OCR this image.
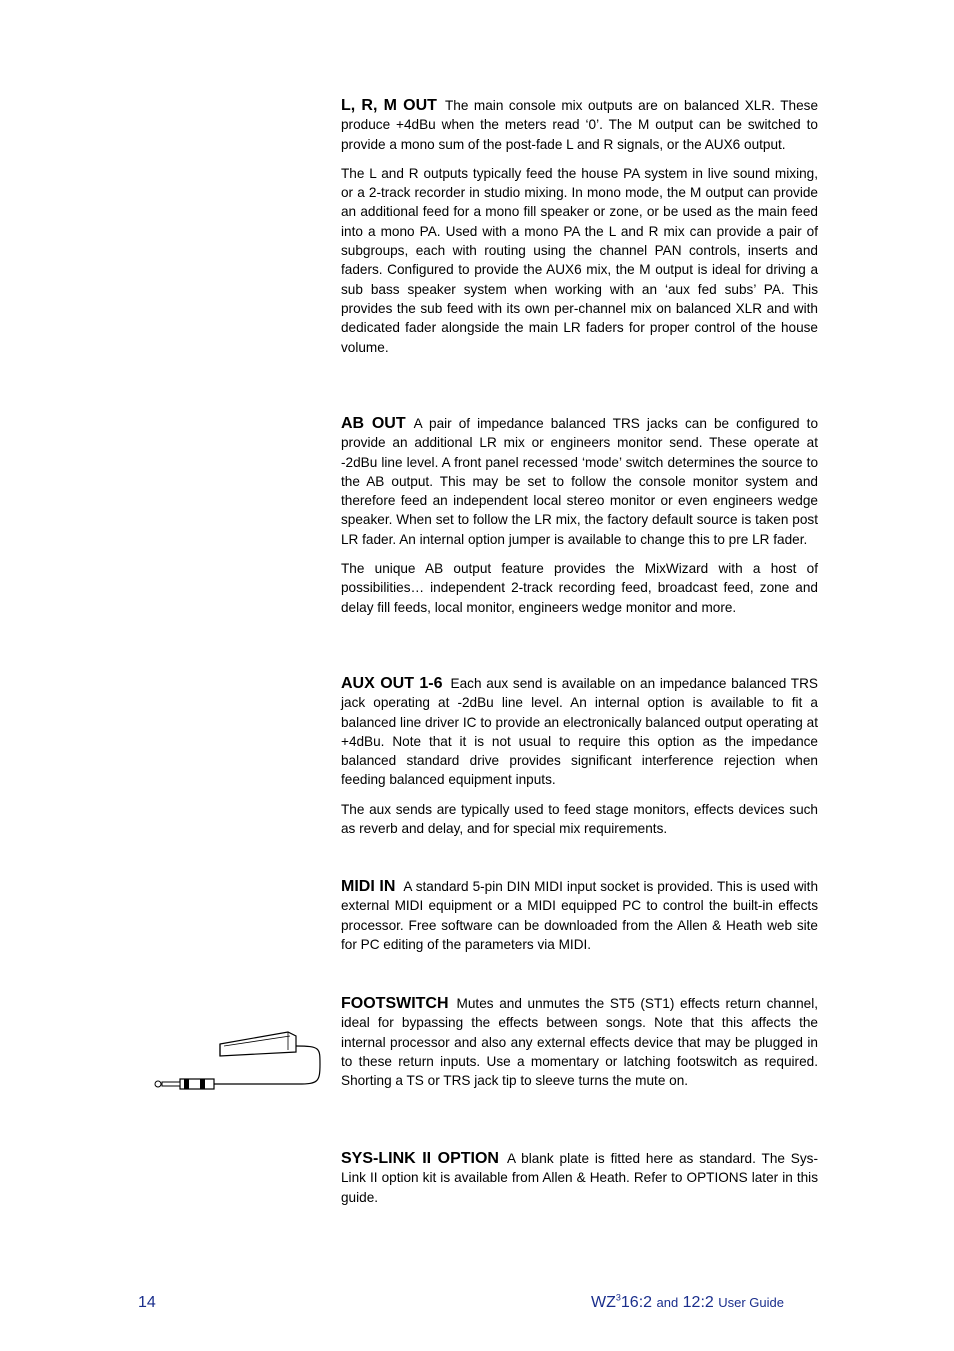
L, R, M OUT The main console mix outputs are on balanced XLR. These produce +4dBu when the meters read ‘0’. The M output can be switched to provide a mono sum of the post-fade L and R signals, or the AUX6 output.

The L and R outputs typically feed the house PA system in live sound mixing, or a 2-track recorder in studio mixing. In mono mode, the M output can provide an additional feed for a mono fill speaker or zone, or be used as the main feed into a mono PA. Used with a mono PA the L and R mix can provide a pair of subgroups, each with routing using the channel PAN controls, inserts and faders. Configured to provide the AUX6 mix, the M output is ideal for driving a sub bass speaker system when working with an ‘aux fed subs’ PA. This provides the sub feed with its own per-channel mix on balanced XLR and with dedicated fader alongside the main LR faders for proper control of the house volume.

AB OUT A pair of impedance balanced TRS jacks can be configured to provide an additional LR mix or engineers monitor send. These operate at -2dBu line level. A front panel recessed ‘mode’ switch determines the source to the AB output. This may be set to follow the console monitor system and therefore feed an independent local stereo monitor or even engineers wedge speaker. When set to follow the LR mix, the factory default source is taken post LR fader. An internal option jumper is available to change this to pre LR fader.

The unique AB output feature provides the MixWizard with a host of possibilities… independent 2-track recording feed, broadcast feed, zone and delay fill feeds, local monitor, engineers wedge monitor and more.

AUX OUT 1-6 Each aux send is available on an impedance balanced TRS jack operating at -2dBu line level. An internal option is available to fit a balanced line driver IC to provide an electronically balanced output operating at +4dBu. Note that it is not usual to require this option as the impedance balanced standard drive provides significant interference rejection when feeding balanced equipment inputs.

The aux sends are typically used to feed stage monitors, effects devices such as reverb and delay, and for special mix requirements.

MIDI IN A standard 5-pin DIN MIDI input socket is provided. This is used with external MIDI equipment or a MIDI equipped PC to control the built-in effects processor. Free software can be downloaded from the Allen & Heath web site for PC editing of the parameters via MIDI.

FOOTSWITCH Mutes and unmutes the ST5 (ST1) effects return channel, ideal for bypassing the effects between songs. Note that this affects the internal processor and also any external effects device that may be plugged in to these return inputs. Use a momentary or latching footswitch as required. Shorting a TS or TRS jack tip to sleeve turns the mute on.

SYS-LINK II OPTION A blank plate is fitted here as standard. The Sys-Link II option kit is available from Allen & Heath. Refer to OPTIONS later in this guide.

14	$WZ^316:2$ and 12:2 User Guide
